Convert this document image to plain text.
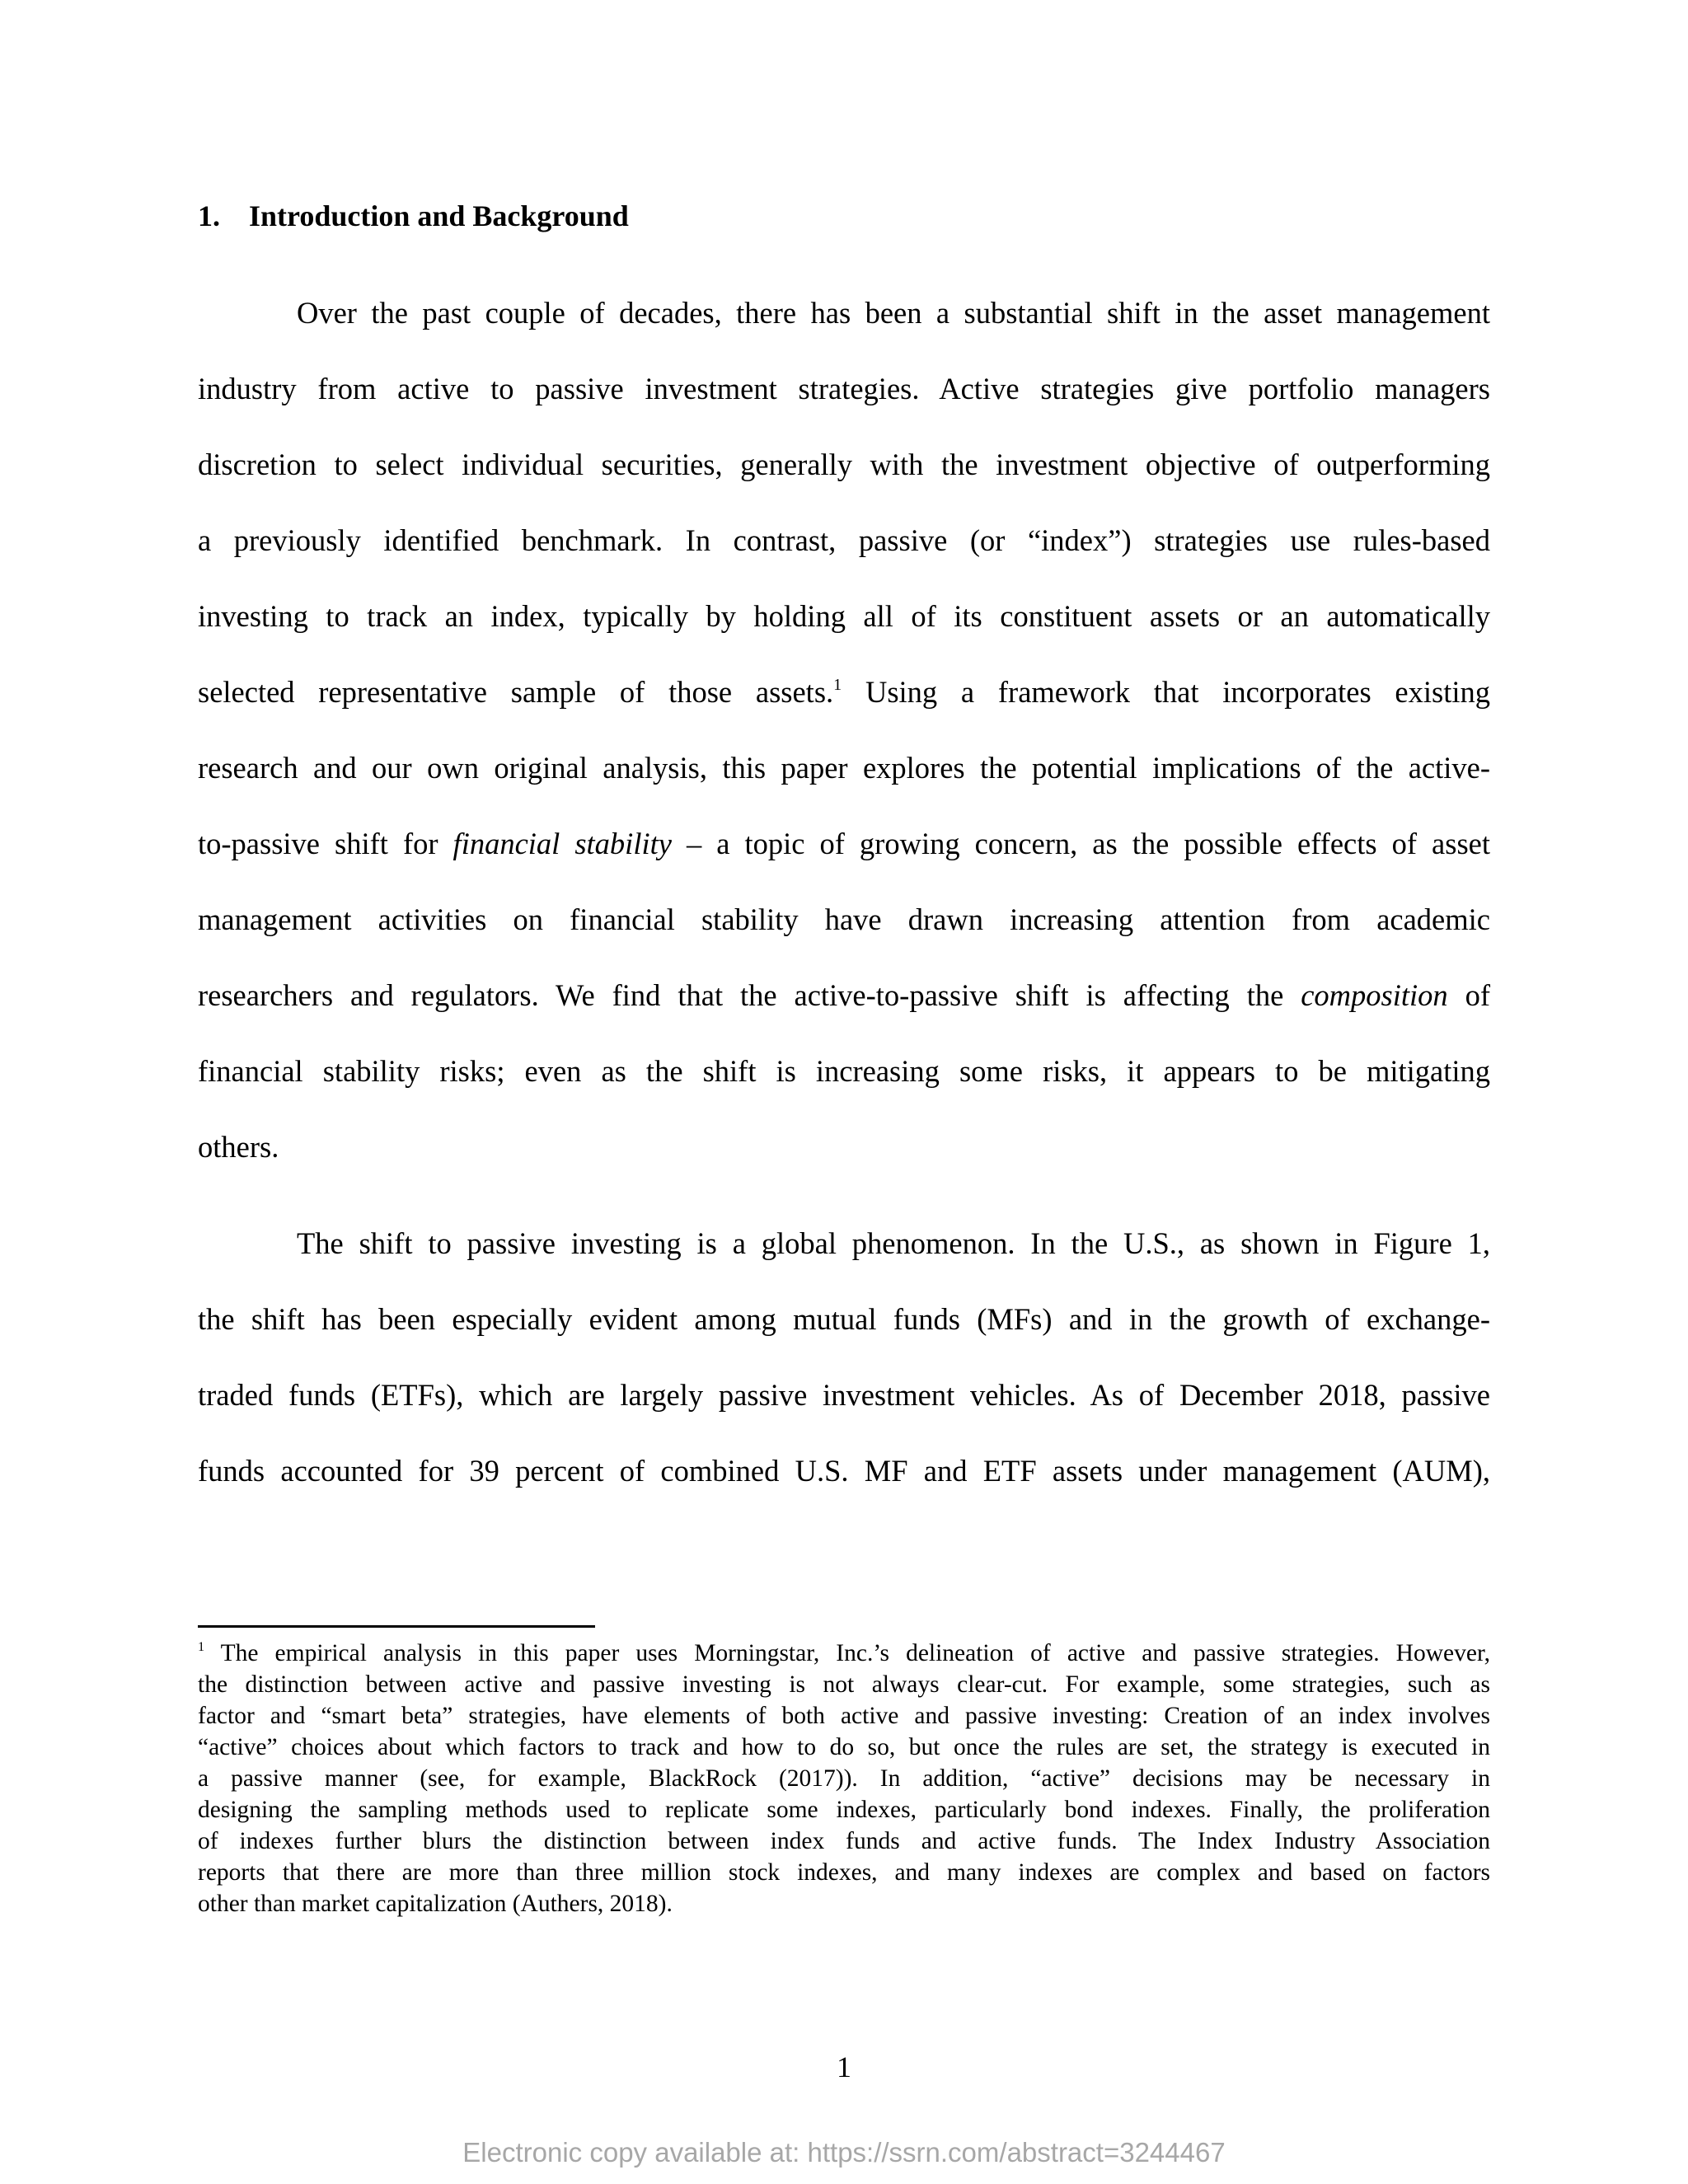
1. Introduction and Background
Over the past couple of decades, there has been a substantial shift in the asset management
industry from active to passive investment strategies. Active strategies give portfolio managers
discretion to select individual securities, generally with the investment objective of outperforming
a previously identified benchmark. In contrast, passive (or “index”) strategies use rules-based
investing to track an index, typically by holding all of its constituent assets or an automatically
selected representative sample of those assets.$^1$ Using a framework that incorporates existing
research and our own original analysis, this paper explores the potential implications of the active-
to-passive shift for financial stability – a topic of growing concern, as the possible effects of asset
management activities on financial stability have drawn increasing attention from academic
researchers and regulators. We find that the active-to-passive shift is affecting the composition of
financial stability risks; even as the shift is increasing some risks, it appears to be mitigating
others.
The shift to passive investing is a global phenomenon. In the U.S., as shown in Figure 1,
the shift has been especially evident among mutual funds (MFs) and in the growth of exchange-
traded funds (ETFs), which are largely passive investment vehicles. As of December 2018, passive
funds accounted for 39 percent of combined U.S. MF and ETF assets under management (AUM),
$^1$ The empirical analysis in this paper uses Morningstar, Inc.’s delineation of active and passive strategies. However,
the distinction between active and passive investing is not always clear-cut. For example, some strategies, such as
factor and “smart beta” strategies, have elements of both active and passive investing: Creation of an index involves
“active” choices about which factors to track and how to do so, but once the rules are set, the strategy is executed in
a passive manner (see, for example, BlackRock (2017)). In addition, “active” decisions may be necessary in
designing the sampling methods used to replicate some indexes, particularly bond indexes. Finally, the proliferation
of indexes further blurs the distinction between index funds and active funds. The Index Industry Association
reports that there are more than three million stock indexes, and many indexes are complex and based on factors
other than market capitalization (Authers, 2018).
1
Electronic copy available at: https://ssrn.com/abstract=3244467
